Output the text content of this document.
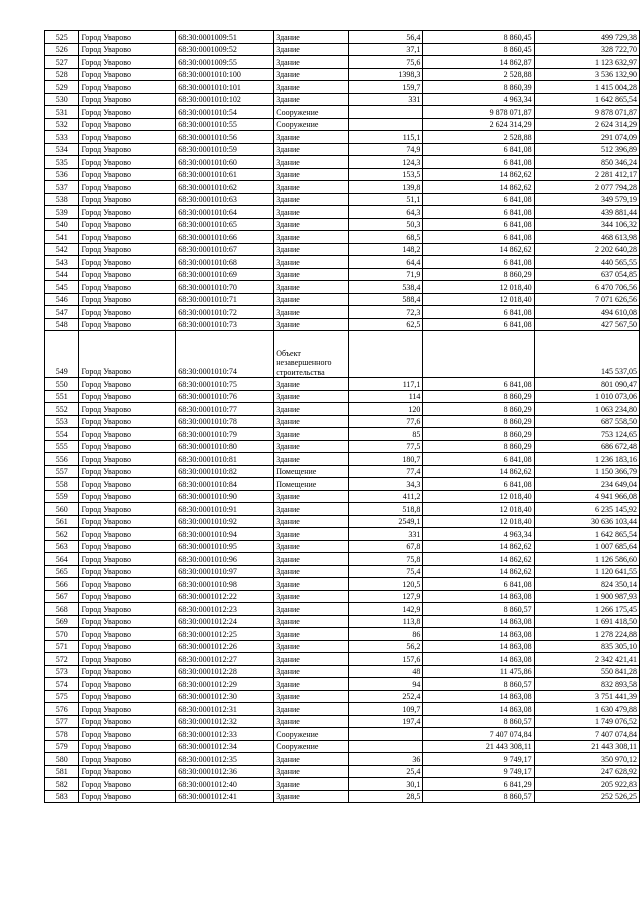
525	Город Уварово	68:30:0001009:51	Здание	56,4	8 860,45	499 729,38
526	Город Уварово	68:30:0001009:52	Здание	37,1	8 860,45	328 722,70
527	Город Уварово	68:30:0001009:55	Здание	75,6	14 862,87	1 123 632,97
528	Город Уварово	68:30:0001010:100	Здание	1398,3	2 528,88	3 536 132,90
529	Город Уварово	68:30:0001010:101	Здание	159,7	8 860,39	1 415 004,28
530	Город Уварово	68:30:0001010:102	Здание	331	4 963,34	1 642 865,54
531	Город Уварово	68:30:0001010:54	Сооружение		9 878 071,87	9 878 071,87
532	Город Уварово	68:30:0001010:55	Сооружение		2 624 314,29	2 624 314,29
533	Город Уварово	68:30:0001010:56	Здание	115,1	2 528,88	291 074,09
534	Город Уварово	68:30:0001010:59	Здание	74,9	6 841,08	512 396,89
535	Город Уварово	68:30:0001010:60	Здание	124,3	6 841,08	850 346,24
536	Город Уварово	68:30:0001010:61	Здание	153,5	14 862,62	2 281 412,17
537	Город Уварово	68:30:0001010:62	Здание	139,8	14 862,62	2 077 794,28
538	Город Уварово	68:30:0001010:63	Здание	51,1	6 841,08	349 579,19
539	Город Уварово	68:30:0001010:64	Здание	64,3	6 841,08	439 881,44
540	Город Уварово	68:30:0001010:65	Здание	50,3	6 841,08	344 106,32
541	Город Уварово	68:30:0001010:66	Здание	68,5	6 841,08	468 613,98
542	Город Уварово	68:30:0001010:67	Здание	148,2	14 862,62	2 202 640,28
543	Город Уварово	68:30:0001010:68	Здание	64,4	6 841,08	440 565,55
544	Город Уварово	68:30:0001010:69	Здание	71,9	8 860,29	637 054,85
545	Город Уварово	68:30:0001010:70	Здание	538,4	12 018,40	6 470 706,56
546	Город Уварово	68:30:0001010:71	Здание	588,4	12 018,40	7 071 626,56
547	Город Уварово	68:30:0001010:72	Здание	72,3	6 841,08	494 610,08
548	Город Уварово	68:30:0001010:73	Здание	62,5	6 841,08	427 567,50
549	Город Уварово	68:30:0001010:74	Объект незавершенного строительства			145 537,05
550	Город Уварово	68:30:0001010:75	Здание	117,1	6 841,08	801 090,47
551	Город Уварово	68:30:0001010:76	Здание	114	8 860,29	1 010 073,06
552	Город Уварово	68:30:0001010:77	Здание	120	8 860,29	1 063 234,80
553	Город Уварово	68:30:0001010:78	Здание	77,6	8 860,29	687 558,50
554	Город Уварово	68:30:0001010:79	Здание	85	8 860,29	753 124,65
555	Город Уварово	68:30:0001010:80	Здание	77,5	8 860,29	686 672,48
556	Город Уварово	68:30:0001010:81	Здание	180,7	6 841,08	1 236 183,16
557	Город Уварово	68:30:0001010:82	Помещение	77,4	14 862,62	1 150 366,79
558	Город Уварово	68:30:0001010:84	Помещение	34,3	6 841,08	234 649,04
559	Город Уварово	68:30:0001010:90	Здание	411,2	12 018,40	4 941 966,08
560	Город Уварово	68:30:0001010:91	Здание	518,8	12 018,40	6 235 145,92
561	Город Уварово	68:30:0001010:92	Здание	2549,1	12 018,40	30 636 103,44
562	Город Уварово	68:30:0001010:94	Здание	331	4 963,34	1 642 865,54
563	Город Уварово	68:30:0001010:95	Здание	67,8	14 862,62	1 007 685,64
564	Город Уварово	68:30:0001010:96	Здание	75,8	14 862,62	1 126 586,60
565	Город Уварово	68:30:0001010:97	Здание	75,4	14 862,62	1 120 641,55
566	Город Уварово	68:30:0001010:98	Здание	120,5	6 841,08	824 350,14
567	Город Уварово	68:30:0001012:22	Здание	127,9	14 863,08	1 900 987,93
568	Город Уварово	68:30:0001012:23	Здание	142,9	8 860,57	1 266 175,45
569	Город Уварово	68:30:0001012:24	Здание	113,8	14 863,08	1 691 418,50
570	Город Уварово	68:30:0001012:25	Здание	86	14 863,08	1 278 224,88
571	Город Уварово	68:30:0001012:26	Здание	56,2	14 863,08	835 305,10
572	Город Уварово	68:30:0001012:27	Здание	157,6	14 863,08	2 342 421,41
573	Город Уварово	68:30:0001012:28	Здание	48	11 475,86	550 841,28
574	Город Уварово	68:30:0001012:29	Здание	94	8 860,57	832 893,58
575	Город Уварово	68:30:0001012:30	Здание	252,4	14 863,08	3 751 441,39
576	Город Уварово	68:30:0001012:31	Здание	109,7	14 863,08	1 630 479,88
577	Город Уварово	68:30:0001012:32	Здание	197,4	8 860,57	1 749 076,52
578	Город Уварово	68:30:0001012:33	Сооружение		7 407 074,84	7 407 074,84
579	Город Уварово	68:30:0001012:34	Сооружение		21 443 308,11	21 443 308,11
580	Город Уварово	68:30:0001012:35	Здание	36	9 749,17	350 970,12
581	Город Уварово	68:30:0001012:36	Здание	25,4	9 749,17	247 628,92
582	Город Уварово	68:30:0001012:40	Здание	30,1	6 841,29	205 922,83
583	Город Уварово	68:30:0001012:41	Здание	28,5	8 860,57	252 526,25
